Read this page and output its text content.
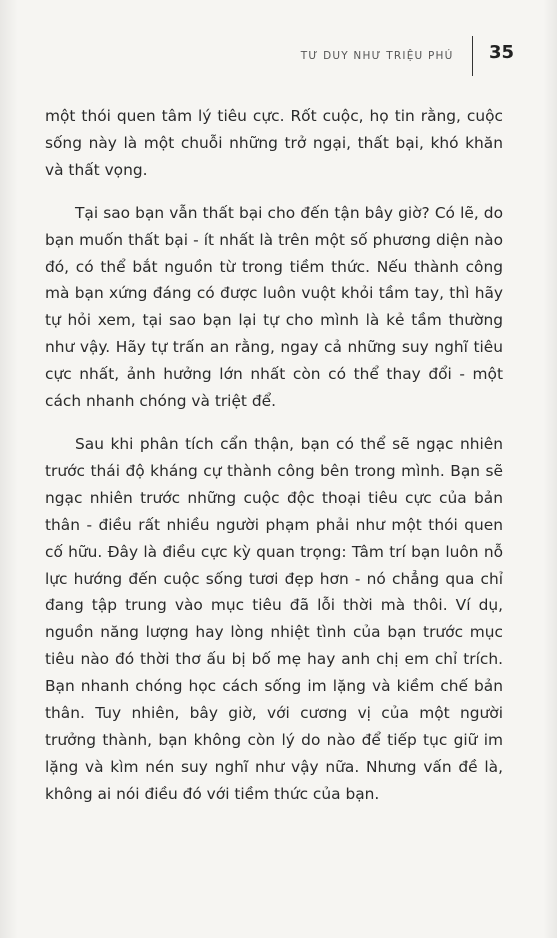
TƯ DUY NHƯ TRIỆU PHÚ 35

một thói quen tâm lý tiêu cực. Rốt cuộc, họ tin rằng, cuộc sống này là một chuỗi những trở ngại, thất bại, khó khăn và thất vọng.

Tại sao bạn vẫn thất bại cho đến tận bây giờ? Có lẽ, do bạn muốn thất bại - ít nhất là trên một số phương diện nào đó, có thể bắt nguồn từ trong tiềm thức. Nếu thành công mà bạn xứng đáng có được luôn vuột khỏi tầm tay, thì hãy tự hỏi xem, tại sao bạn lại tự cho mình là kẻ tầm thường như vậy. Hãy tự trấn an rằng, ngay cả những suy nghĩ tiêu cực nhất, ảnh hưởng lớn nhất còn có thể thay đổi - một cách nhanh chóng và triệt để.

Sau khi phân tích cẩn thận, bạn có thể sẽ ngạc nhiên trước thái độ kháng cự thành công bên trong mình. Bạn sẽ ngạc nhiên trước những cuộc độc thoại tiêu cực của bản thân - điều rất nhiều người phạm phải như một thói quen cố hữu. Đây là điều cực kỳ quan trọng: Tâm trí bạn luôn nỗ lực hướng đến cuộc sống tươi đẹp hơn - nó chẳng qua chỉ đang tập trung vào mục tiêu đã lỗi thời mà thôi. Ví dụ, nguồn năng lượng hay lòng nhiệt tình của bạn trước mục tiêu nào đó thời thơ ấu bị bố mẹ hay anh chị em chỉ trích. Bạn nhanh chóng học cách sống im lặng và kiềm chế bản thân. Tuy nhiên, bây giờ, với cương vị của một người trưởng thành, bạn không còn lý do nào để tiếp tục giữ im lặng và kìm nén suy nghĩ như vậy nữa. Nhưng vấn đề là, không ai nói điều đó với tiềm thức của bạn.
